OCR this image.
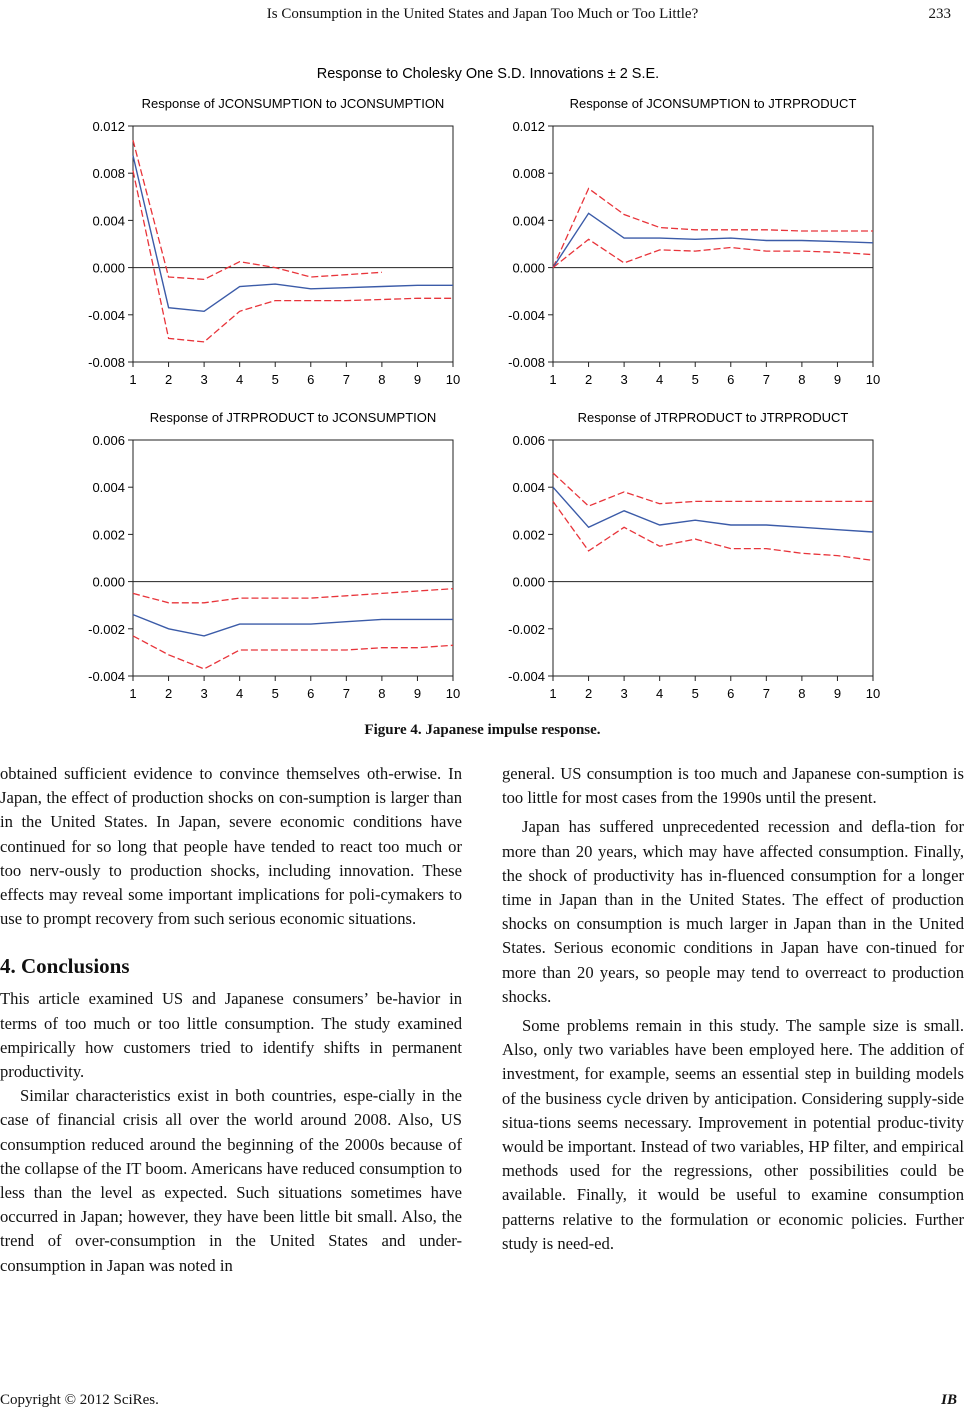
Is Consumption in the United States and Japan Too Much or Too Little?	233
Response to Cholesky One S.D. Innovations ± 2 S.E.
Response of JCONSUMPTION to JCONSUMPTION
0.012
0.008
0.004
0.000
-0.004
-0.008
1 2 3 4 5 6 7 8 9 10
Response of JCONSUMPTION to JTRPRODUCT
0.012
0.008
0.004
0.000
-0.004
-0.008
1 2 3 4 5 6 7 8 9 10
Response of JTRPRODUCT to JCONSUMPTION
0.006
0.004
0.002
0.000
-0.002
-0.004
1 2 3 4 5 6 7 8 9 10
Response of JTRPRODUCT to JTRPRODUCT
0.006
0.004
0.002
0.000
-0.002
-0.004
1 2 3 4 5 6 7 8 9 10
Figure 4. Japanese impulse response.

obtained sufficient evidence to convince themselves oth-erwise. In Japan, the effect of production shocks on con-sumption is larger than in the United States. In Japan, severe economic conditions have continued for so long that people have tended to react too much or too nerv-ously to production shocks, including innovation. These effects may reveal some important implications for poli-cymakers to use to prompt recovery from such serious economic situations.

4. Conclusions

This article examined US and Japanese consumers’ be-havior in terms of too much or too little consumption. The study examined empirically how customers tried to identify shifts in permanent productivity.

Similar characteristics exist in both countries, espe-cially in the case of financial crisis all over the world around 2008. Also, US consumption reduced around the beginning of the 2000s because of the collapse of the IT boom. Americans have reduced consumption to less than the level as expected. Such situations sometimes have occurred in Japan; however, they have been little bit small. Also, the trend of over-consumption in the United States and under-consumption in Japan was noted in

general. US consumption is too much and Japanese con-sumption is too little for most cases from the 1990s until the present.

Japan has suffered unprecedented recession and defla-tion for more than 20 years, which may have affected consumption. Finally, the shock of productivity has in-fluenced consumption for a longer time in Japan than in the United States. The effect of production shocks on consumption is much larger in Japan than in the United States. Serious economic conditions in Japan have con-tinued for more than 20 years, so people may tend to overreact to production shocks.

Some problems remain in this study. The sample size is small. Also, only two variables have been employed here. The addition of investment, for example, seems an essential step in building models of the business cycle driven by anticipation. Considering supply-side situa-tions seems necessary. Improvement in potential produc-tivity would be important. Instead of two variables, HP filter, and empirical methods used for the regressions, other possibilities could be available. Finally, it would be useful to examine consumption patterns relative to the formulation or economic policies. Further study is need-ed.

Copyright © 2012 SciRes.	IB
